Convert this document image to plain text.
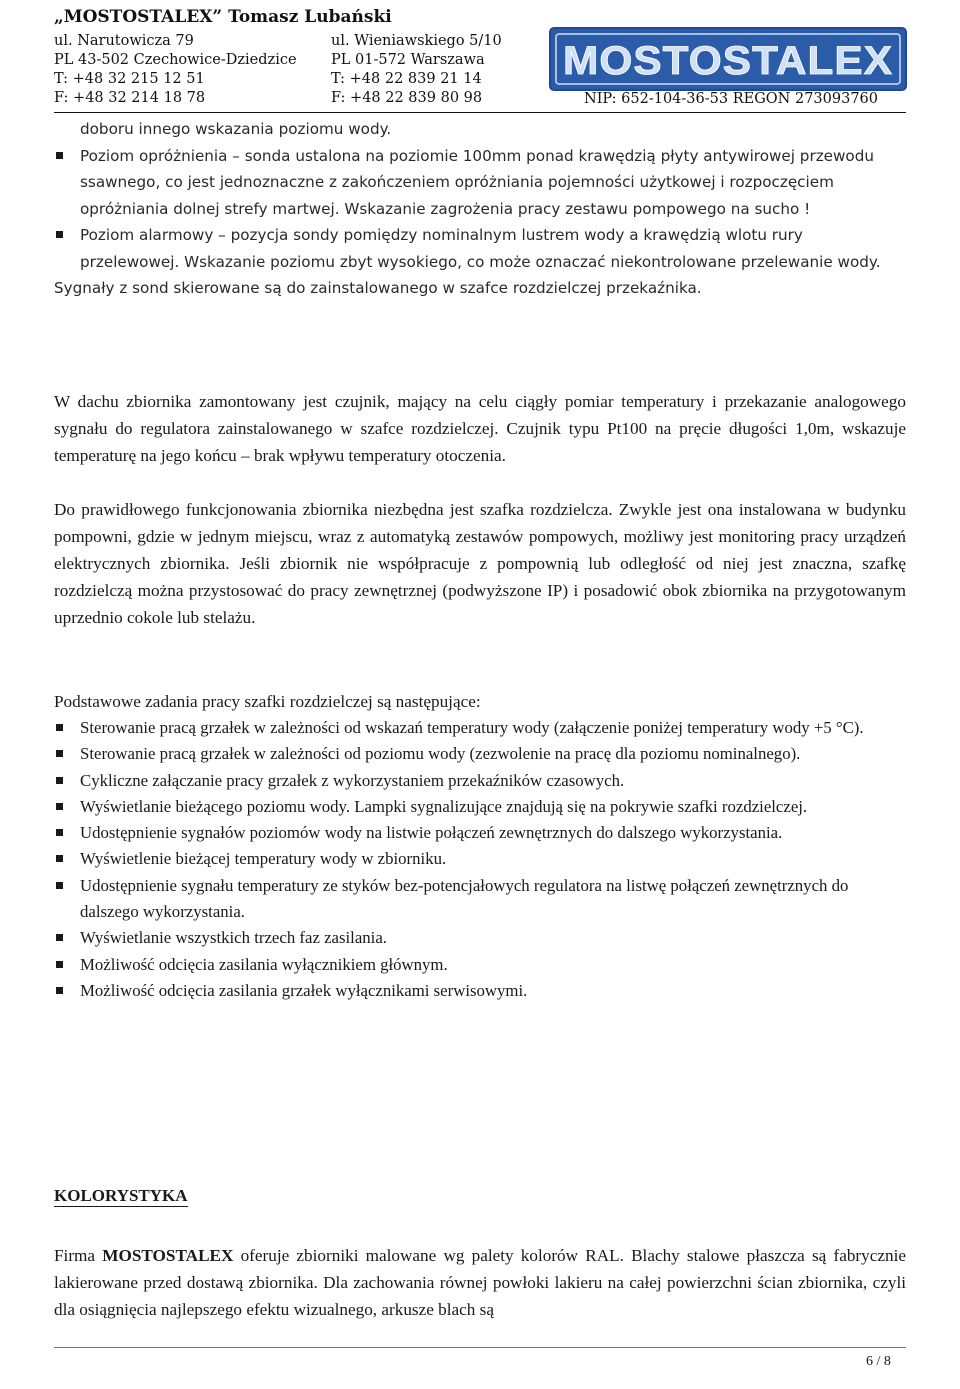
„MOSTOSTALEX” Tomasz Lubański
ul. Narutowicza 79
PL 43-502 Czechowice-Dziedzice
T: +48 32 215 12 51
F: +48 32 214 18 78
ul. Wieniawskiego 5/10
PL 01-572 Warszawa
T: +48 22 839 21 14
F: +48 22 839 80 98
MOSTOSTALEX
NIP: 652-104-36-53 REGON 273093760
doboru innego wskazania poziomu wody.
Poziom opróżnienia – sonda ustalona na poziomie 100mm ponad krawędzią płyty antywirowej przewodu ssawnego, co jest jednoznaczne z zakończeniem opróżniania pojemności użytkowej i rozpoczęciem opróżniania dolnej strefy martwej. Wskazanie zagrożenia pracy zestawu pompowego na sucho !
Poziom alarmowy – pozycja sondy pomiędzy nominalnym lustrem wody a krawędzią wlotu rury przelewowej. Wskazanie poziomu zbyt wysokiego, co może oznaczać niekontrolowane przelewanie wody.
Sygnały z sond skierowane są do zainstalowanego w szafce rozdzielczej przekaźnika.
W dachu zbiornika zamontowany jest czujnik, mający na celu ciągły pomiar temperatury i przekazanie analogowego sygnału do regulatora zainstalowanego w szafce rozdzielczej. Czujnik typu Pt100 na pręcie długości 1,0m, wskazuje temperaturę na jego końcu – brak wpływu temperatury otoczenia.
Do prawidłowego funkcjonowania zbiornika niezbędna jest szafka rozdzielcza. Zwykle jest ona instalowana w budynku pompowni, gdzie w jednym miejscu, wraz z automatyką zestawów pompowych, możliwy jest monitoring pracy urządzeń elektrycznych zbiornika. Jeśli zbiornik nie współpracuje z pompownią lub odległość od niej jest znaczna, szafkę rozdzielczą można przystosować do pracy zewnętrznej (podwyższone IP) i posadowić obok zbiornika na przygotowanym uprzednio cokole lub stelażu.
Podstawowe zadania pracy szafki rozdzielczej są następujące:
Sterowanie pracą grzałek w zależności od wskazań temperatury wody (załączenie poniżej temperatury wody +5 °C).
Sterowanie pracą grzałek w zależności od poziomu wody (zezwolenie na pracę dla poziomu nominalnego).
Cykliczne załączanie pracy grzałek z wykorzystaniem przekaźników czasowych.
Wyświetlanie bieżącego poziomu wody. Lampki sygnalizujące znajdują się na pokrywie szafki rozdzielczej.
Udostępnienie sygnałów poziomów wody na listwie połączeń zewnętrznych do dalszego wykorzystania.
Wyświetlenie bieżącej temperatury wody w zbiorniku.
Udostępnienie sygnału temperatury ze styków bez-potencjałowych regulatora na listwę połączeń zewnętrznych do dalszego wykorzystania.
Wyświetlanie wszystkich trzech faz zasilania.
Możliwość odcięcia zasilania wyłącznikiem głównym.
Możliwość odcięcia zasilania grzałek wyłącznikami serwisowymi.
KOLORYSTYKA
Firma MOSTOSTALEX oferuje zbiorniki malowane wg palety kolorów RAL. Blachy stalowe płaszcza są fabrycznie lakierowane przed dostawą zbiornika. Dla zachowania równej powłoki lakieru na całej powierzchni ścian zbiornika, czyli dla osiągnięcia najlepszego efektu wizualnego, arkusze blach są
6 / 8
